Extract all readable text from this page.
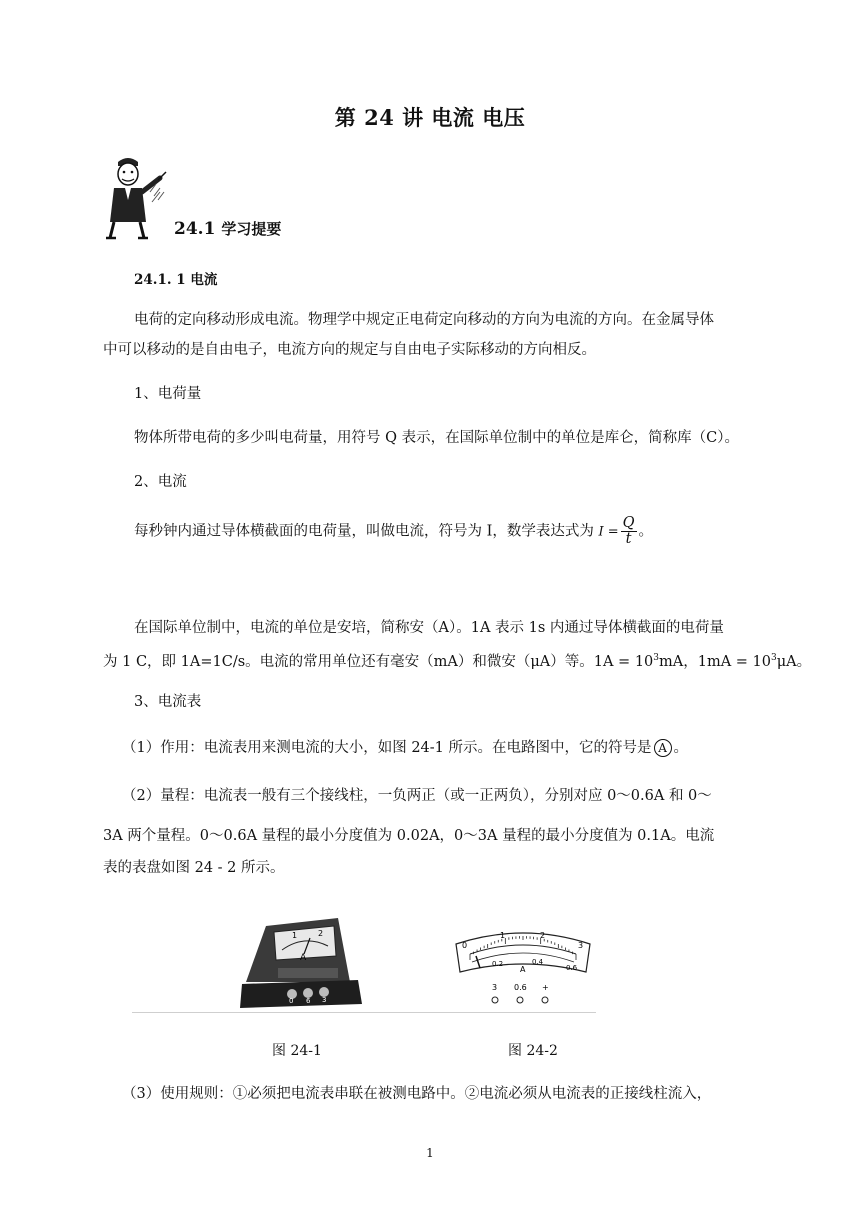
第 24 讲 电流 电压
24.1 学习提要
24.1. 1 电流
电荷的定向移动形成电流。物理学中规定正电荷定向移动的方向为电流的方向。在金属导体
中可以移动的是自由电子，电流方向的规定与自由电子实际移动的方向相反。
1、电荷量
物体所带电荷的多少叫电荷量，用符号 Q 表示，在国际单位制中的单位是库仑，简称库（C）。
2、电流
每秒钟内通过导体横截面的电荷量，叫做电流，符号为 I，数学表达式为 $I = \frac{Q}{t}$ 。
在国际单位制中，电流的单位是安培，简称安（A）。1A 表示 1s 内通过导体横截面的电荷量
为 1 C，即 1A=1C/s。电流的常用单位还有毫安（mA）和微安（μA）等。$1A = 10^3mA$，$1mA = 10^3\mu A$。
3、电流表
（1）作用：电流表用来测电流的大小，如图 24-1 所示。在电路图中，它的符号是 A 。
（2）量程：电流表一般有三个接线柱，一负两正（或一正两负），分别对应 0～0.6A 和 0～
3A 两个量程。0～0.6A 量程的最小分度值为 0.02A，0～3A 量程的最小分度值为 0.1A。电流
表的表盘如图 24 - 2 所示。
1	2
A
0 6 3
0
1	2
3
0.2	0.4
0.6
A
3 0.6 +
图 24-1	图 24-2
（3）使用规则：①必须把电流表串联在被测电路中。②电流必须从电流表的正接线柱流入，
1
